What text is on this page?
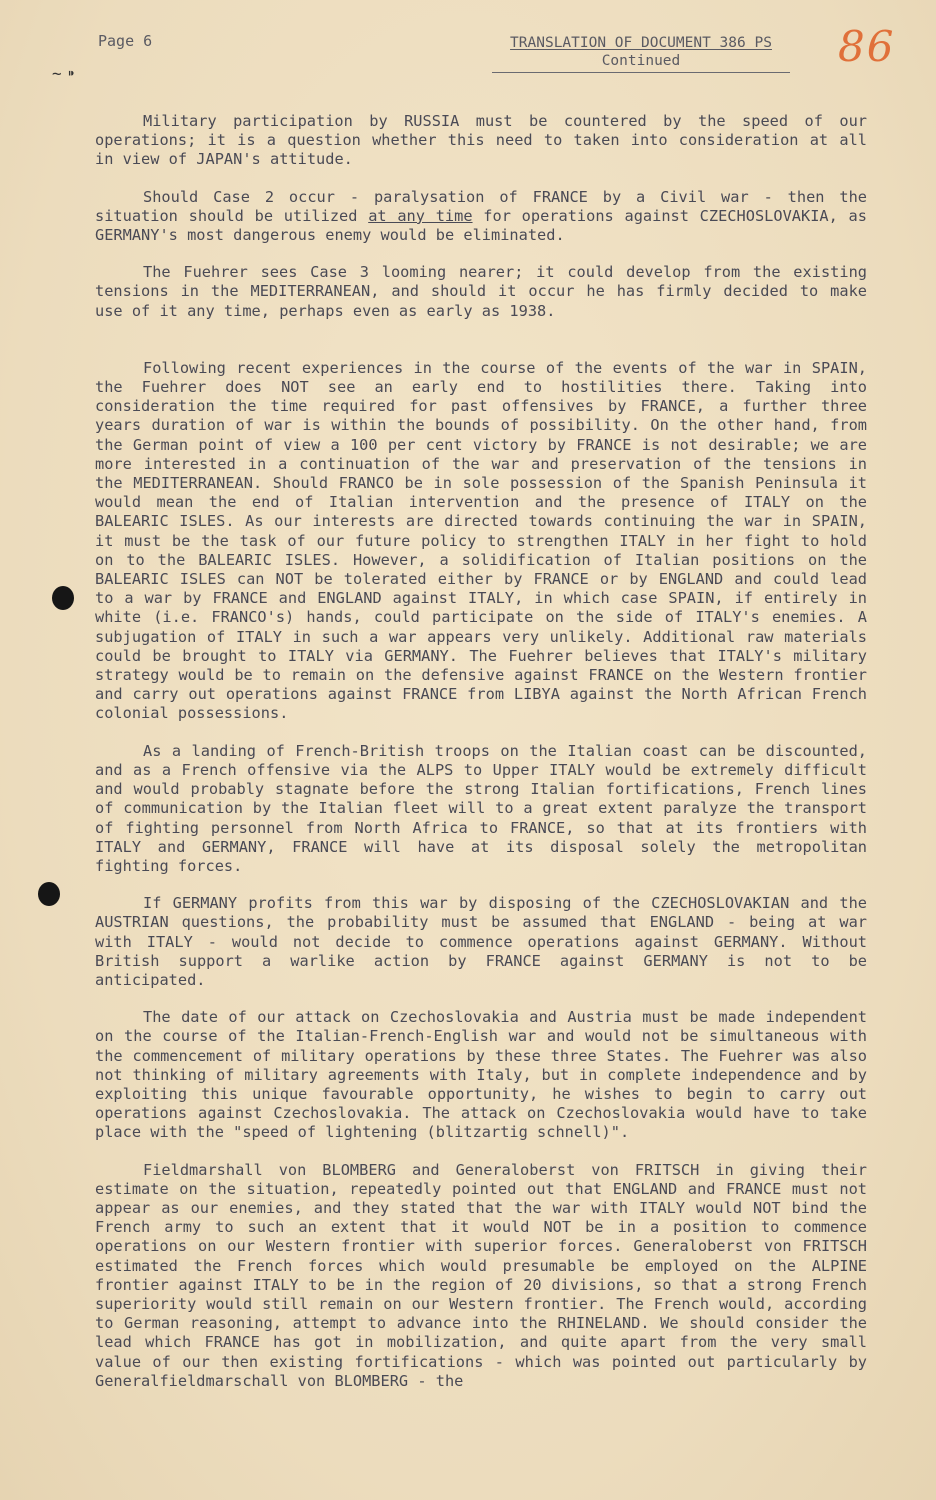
Page 6
~ ⁍
TRANSLATION OF DOCUMENT 386 PS
Continued	86

Military participation by RUSSIA must be countered by the speed of our operations; it is a question whether this need to taken into consideration at all in view of JAPAN's attitude.

Should Case 2 occur - paralysation of FRANCE by a Civil war - then the situation should be utilized at any time for operations against CZECHOSLOVAKIA, as GERMANY's most dangerous enemy would be eliminated.

The Fuehrer sees Case 3 looming nearer; it could develop from the existing tensions in the MEDITERRANEAN, and should it occur he has firmly decided to make use of it any time, perhaps even as early as 1938.

Following recent experiences in the course of the events of the war in SPAIN, the Fuehrer does NOT see an early end to hostilities there. Taking into consideration the time required for past offensives by FRANCE, a further three years duration of war is within the bounds of possibility. On the other hand, from the German point of view a 100 per cent victory by FRANCE is not desirable; we are more interested in a continuation of the war and preservation of the tensions in the MEDITERRANEAN. Should FRANCO be in sole possession of the Spanish Peninsula it would mean the end of Italian intervention and the presence of ITALY on the BALEARIC ISLES. As our interests are directed towards continuing the war in SPAIN, it must be the task of our future policy to strengthen ITALY in her fight to hold on to the BALEARIC ISLES. However, a solidification of Italian positions on the BALEARIC ISLES can NOT be tolerated either by FRANCE or by ENGLAND and could lead to a war by FRANCE and ENGLAND against ITALY, in which case SPAIN, if entirely in white (i.e. FRANCO's) hands, could participate on the side of ITALY's enemies. A subjugation of ITALY in such a war appears very unlikely. Additional raw materials could be brought to ITALY via GERMANY. The Fuehrer believes that ITALY's military strategy would be to remain on the defensive against FRANCE on the Western frontier and carry out operations against FRANCE from LIBYA against the North African French colonial possessions.

As a landing of French-British troops on the Italian coast can be discounted, and as a French offensive via the ALPS to Upper ITALY would be extremely difficult and would probably stagnate before the strong Italian fortifications, French lines of communication by the Italian fleet will to a great extent paralyze the transport of fighting personnel from North Africa to FRANCE, so that at its frontiers with ITALY and GERMANY, FRANCE will have at its disposal solely the metropolitan fighting forces.

If GERMANY profits from this war by disposing of the CZECHOSLOVAKIAN and the AUSTRIAN questions, the probability must be assumed that ENGLAND - being at war with ITALY - would not decide to commence operations against GERMANY. Without British support a warlike action by FRANCE against GERMANY is not to be anticipated.

The date of our attack on Czechoslovakia and Austria must be made independent on the course of the Italian-French-English war and would not be simultaneous with the commencement of military operations by these three States. The Fuehrer was also not thinking of military agreements with Italy, but in complete independence and by exploiting this unique favourable opportunity, he wishes to begin to carry out operations against Czechoslovakia. The attack on Czechoslovakia would have to take place with the "speed of lightening (blitzartig schnell)".

Fieldmarshall von BLOMBERG and Generaloberst von FRITSCH in giving their estimate on the situation, repeatedly pointed out that ENGLAND and FRANCE must not appear as our enemies, and they stated that the war with ITALY would NOT bind the French army to such an extent that it would NOT be in a position to commence operations on our Western frontier with superior forces. Generaloberst von FRITSCH estimated the French forces which would presumable be employed on the ALPINE frontier against ITALY to be in the region of 20 divisions, so that a strong French superiority would still remain on our Western frontier. The French would, according to German reasoning, attempt to advance into the RHINELAND. We should consider the lead which FRANCE has got in mobilization, and quite apart from the very small value of our then existing fortifications - which was pointed out particularly by Generalfieldmarschall von BLOMBERG - the
